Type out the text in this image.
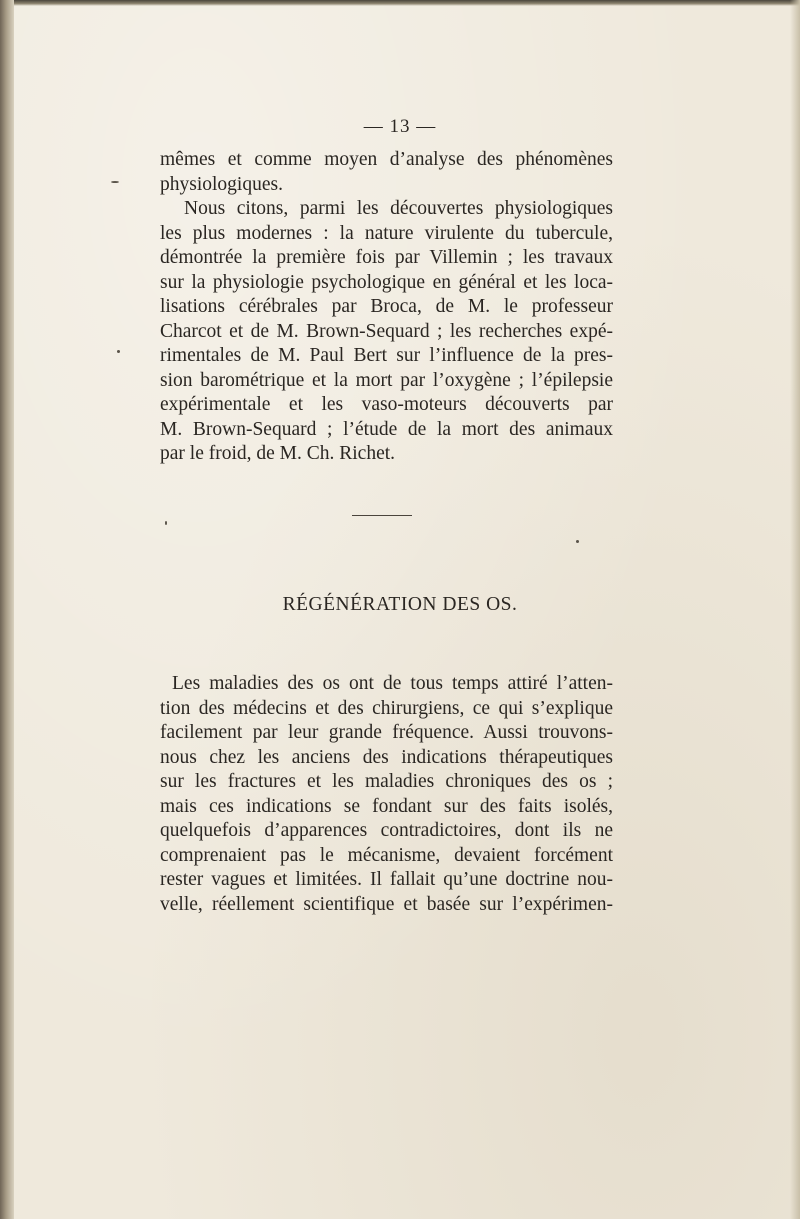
— 13 —
mêmes et comme moyen d’analyse des phénomènes
physiologiques.
Nous citons, parmi les découvertes physiologiques
les plus modernes : la nature virulente du tubercule,
démontrée la première fois par Villemin ; les travaux
sur la physiologie psychologique en général et les loca-
lisations cérébrales par Broca, de M. le professeur
Charcot et de M. Brown-Sequard ; les recherches expé-
rimentales de M. Paul Bert sur l’influence de la pres-
sion barométrique et la mort par l’oxygène ; l’épilepsie
expérimentale et les vaso-moteurs découverts par
M. Brown-Sequard ; l’étude de la mort des animaux
par le froid, de M. Ch. Richet.
RÉGÉNÉRATION DES OS.
Les maladies des os ont de tous temps attiré l’atten-
tion des médecins et des chirurgiens, ce qui s’explique
facilement par leur grande fréquence. Aussi trouvons-
nous chez les anciens des indications thérapeutiques
sur les fractures et les maladies chroniques des os ;
mais ces indications se fondant sur des faits isolés,
quelquefois d’apparences contradictoires, dont ils ne
comprenaient pas le mécanisme, devaient forcément
rester vagues et limitées. Il fallait qu’une doctrine nou-
velle, réellement scientifique et basée sur l’expérimen-
